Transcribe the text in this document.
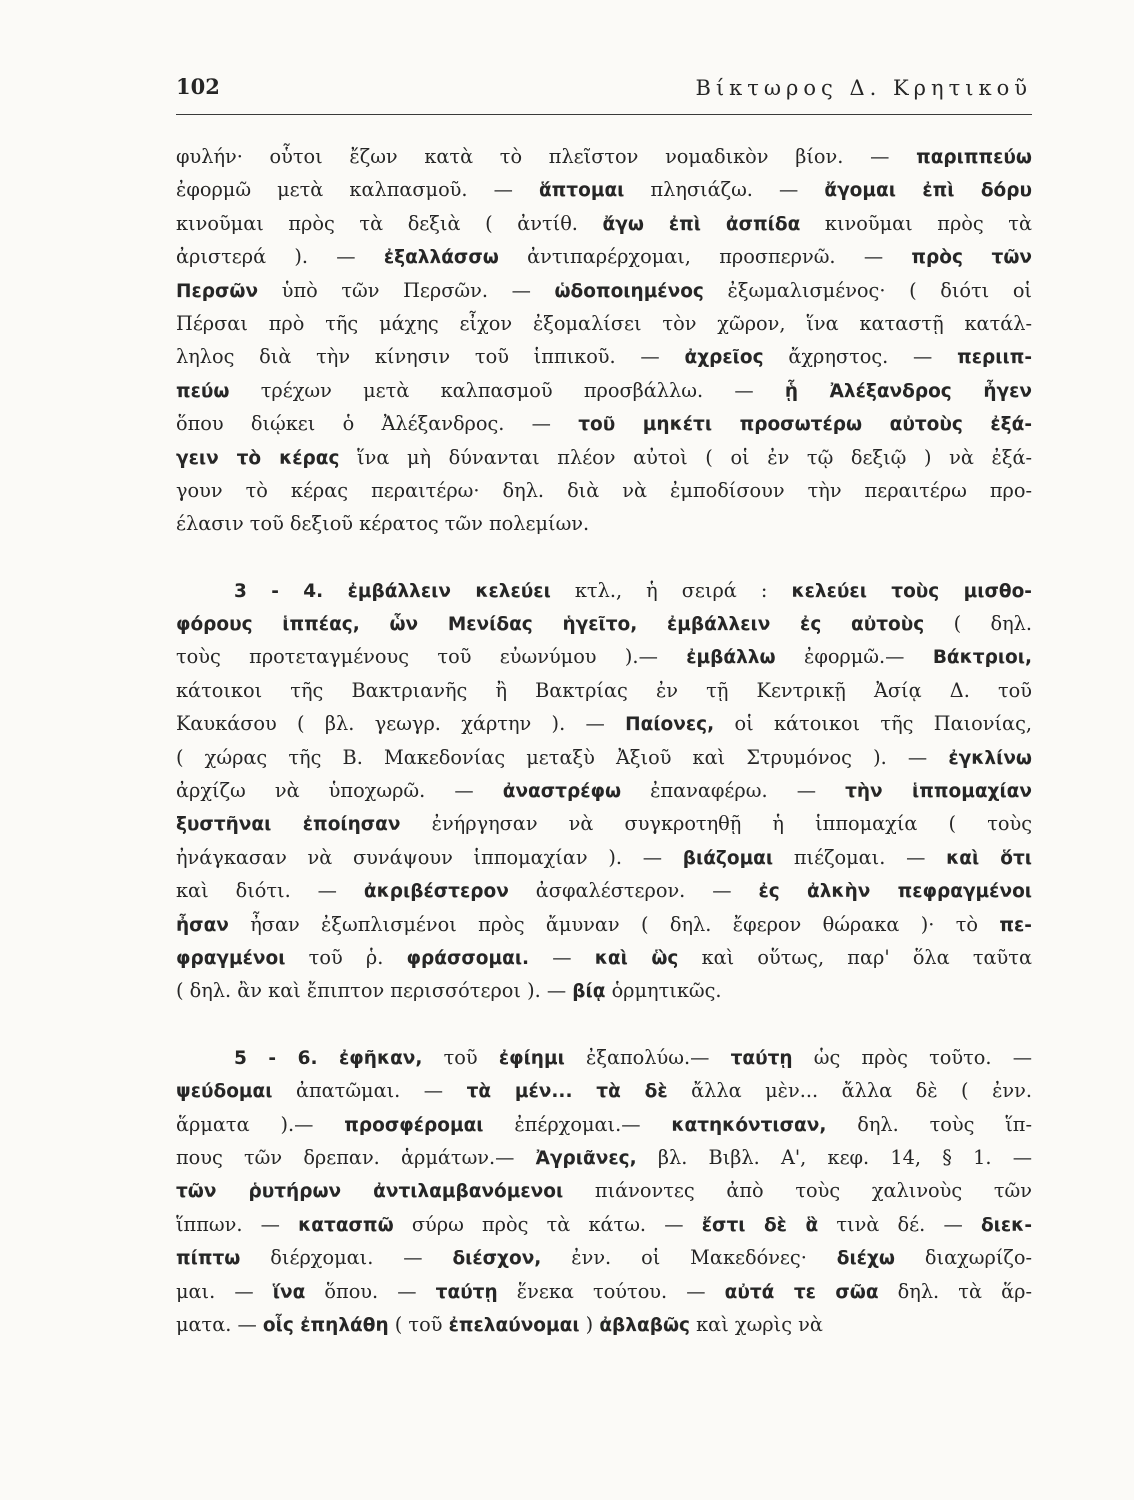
102	Βίκτωρος Δ. Κρητικοῦ
φυλήν· οὗτοι ἔζων κατὰ τὸ πλεῖστον νομαδικὸν βίον. — παριππεύω
ἐφορμῶ μετὰ καλπασμοῦ. — ἅπτομαι πλησιάζω. — ἄγομαι ἐπὶ δόρυ
κινοῦμαι πρὸς τὰ δεξιὰ ( ἀντίθ. ἄγω ἐπὶ ἀσπίδα κινοῦμαι πρὸς τὰ
ἀριστερά ). — ἐξαλλάσσω ἀντιπαρέρχομαι, προσπερνῶ. — πρὸς τῶν
Περσῶν ὑπὸ τῶν Περσῶν. — ὡδοποιημένος ἐξωμαλισμένος· ( διότι οἱ
Πέρσαι πρὸ τῆς μάχης εἶχον ἐξομαλίσει τὸν χῶρον, ἵνα καταστῇ κατάλ-
ληλος διὰ τὴν κίνησιν τοῦ ἱππικοῦ. — ἀχρεῖος ἄχρηστος. — περιιπ-
πεύω τρέχων μετὰ καλπασμοῦ προσβάλλω. — ᾗ Ἀλέξανδρος ἦγεν
ὅπου διῴκει ὁ Ἀλέξανδρος. — τοῦ μηκέτι προσωτέρω αὐτοὺς ἐξά-
γειν τὸ κέρας ἵνα μὴ δύνανται πλέον αὐτοὶ ( οἱ ἐν τῷ δεξιῷ ) νὰ ἐξά-
γουν τὸ κέρας περαιτέρω· δηλ. διὰ νὰ ἐμποδίσουν τὴν περαιτέρω προ-
έλασιν τοῦ δεξιοῦ κέρατος τῶν πολεμίων.
3 - 4. ἐμβάλλειν κελεύει κτλ., ἡ σειρά : κελεύει τοὺς μισθο-
φόρους ἱππέας, ὧν Μενίδας ἡγεῖτο, ἐμβάλλειν ἐς αὐτοὺς ( δηλ.
τοὺς προτεταγμένους τοῦ εὐωνύμου ).— ἐμβάλλω ἐφορμῶ.— Βάκτριοι,
κάτοικοι τῆς Βακτριανῆς ἢ Βακτρίας ἐν τῇ Κεντρικῇ Ἀσίᾳ Δ. τοῦ
Καυκάσου ( βλ. γεωγρ. χάρτην ). — Παίονες, οἱ κάτοικοι τῆς Παιονίας,
( χώρας τῆς Β. Μακεδονίας μεταξὺ Ἀξιοῦ καὶ Στρυμόνος ). — ἐγκλίνω
ἀρχίζω νὰ ὑποχωρῶ. — ἀναστρέφω ἐπαναφέρω. — τὴν ἱππομαχίαν
ξυστῆναι ἐποίησαν ἐνήργησαν νὰ συγκροτηθῇ ἡ ἱππομαχία ( τοὺς
ἠνάγκασαν νὰ συνάψουν ἱππομαχίαν ). — βιάζομαι πιέζομαι. — καὶ ὅτι
καὶ διότι. — ἀκριβέστερον ἀσφαλέστερον. — ἐς ἀλκὴν πεφραγμένοι
ἦσαν ἦσαν ἐξωπλισμένοι πρὸς ἄμυναν ( δηλ. ἔφερον θώρακα )· τὸ πε-
φραγμένοι τοῦ ῥ. φράσσομαι. — καὶ ὣς καὶ οὕτως, παρ' ὅλα ταῦτα
( δηλ. ἂν καὶ ἔπιπτον περισσότεροι ). — βίᾳ ὁρμητικῶς.
5 - 6. ἐφῆκαν, τοῦ ἐφίημι ἐξαπολύω.— ταύτῃ ὡς πρὸς τοῦτο. —
ψεύδομαι ἀπατῶμαι. — τὰ μέν... τὰ δὲ ἄλλα μὲν... ἄλλα δὲ ( ἐνν.
ἅρματα ).— προσφέρομαι ἐπέρχομαι.— κατηκόντισαν, δηλ. τοὺς ἵπ-
πους τῶν δρεπαν. ἁρμάτων.— Ἀγριᾶνες, βλ. Βιβλ. Α', κεφ. 14, § 1. —
τῶν ῥυτήρων ἀντιλαμβανόμενοι πιάνοντες ἀπὸ τοὺς χαλινοὺς τῶν
ἵππων. — κατασπῶ σύρω πρὸς τὰ κάτω. — ἔστι δὲ ἃ τινὰ δέ. — διεκ-
πίπτω διέρχομαι. — διέσχον, ἐνν. οἱ Μακεδόνες· διέχω διαχωρίζο-
μαι. — ἵνα ὅπου. — ταύτῃ ἕνεκα τούτου. — αὐτά τε σῶα δηλ. τὰ ἅρ-
ματα. — οἷς ἐπηλάθη ( τοῦ ἐπελαύνομαι ) ἀβλαβῶς καὶ χωρὶς νὰ
